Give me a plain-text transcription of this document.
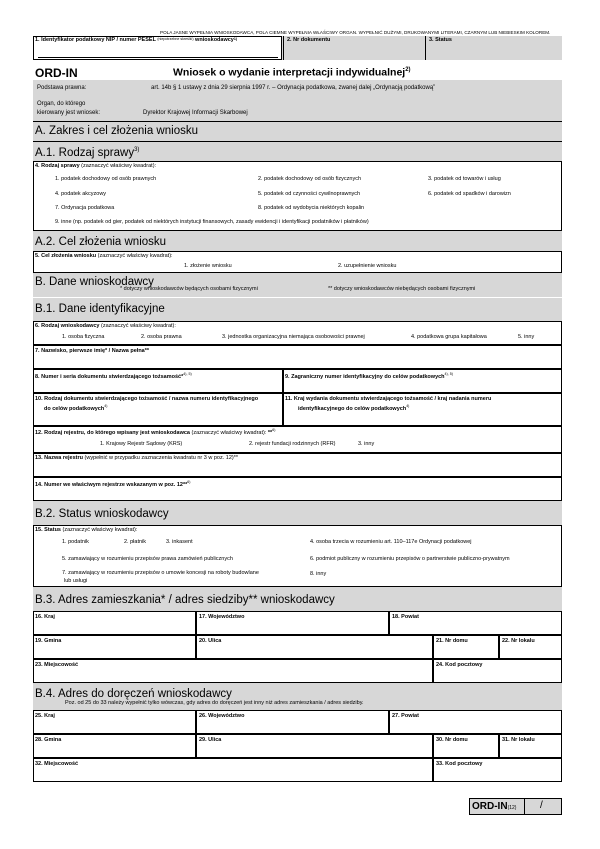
POLA JASNE WYPEŁNIA WNIOSKODAWCA, POLA CIEMNE WYPEŁNIA WŁAŚCIWY ORGAN. WYPEŁNIĆ DUŻYMI, DRUKOWANYMI LITERAMI, CZARNYM LUB NIEBIESKIM KOLOREM.
1. Identyfikator podatkowy NIP / numer PESEL $^{(niepotrzebne skreślić)}$ wnioskodawcy$^{1)}$	2. Nr dokumentu	3. Status
ORD-IN	Wniosek o wydanie interpretacji indywidualnej$^{2)}$
Podstawa prawna:	art. 14b § 1 ustawy z dnia 29 sierpnia 1997 r. – Ordynacja podatkowa, zwanej dalej „Ordynacją podatkową”
Organ, do którego
kierowany jest wniosek:	Dyrektor Krajowej Informacji Skarbowej
A. Zakres i cel złożenia wniosku
A.1. Rodzaj sprawy$^{3)}$
4. Rodzaj sprawy (zaznaczyć właściwy kwadrat):
1. podatek dochodowy od osób prawnych	2. podatek dochodowy od osób fizycznych	3. podatek od towarów i usług
4. podatek akcyzowy	5. podatek od czynności cywilnoprawnych	6. podatek od spadków i darowizn
7. Ordynacja podatkowa	8. podatek od wydobycia niektórych kopalin
9. inne (np. podatek od gier, podatek od niektórych instytucji finansowych, zasady ewidencji i identyfikacji podatników i płatników)
A.2. Cel złożenia wniosku
5. Cel złożenia wniosku (zaznaczyć właściwy kwadrat):
1. złożenie wniosku	2. uzupełnienie wniosku
B. Dane wnioskodawcy
* dotyczy wnioskodawców będących osobami fizycznymi	** dotyczy wnioskodawców niebędących osobami fizycznymi
B.1. Dane identyfikacyjne
6. Rodzaj wnioskodawcy (zaznaczyć właściwy kwadrat):
1. osoba fizyczna	2. osoba prawna	3. jednostka organizacyjna niemająca osobowości prawnej	4. podatkowa grupa kapitałowa	5. inny
7. Nazwisko, pierwsze imię* / Nazwa pełna**
8. Numer i seria dokumentu stwierdzającego tożsamość*$^{4), 5)}$	9. Zagraniczny numer identyfikacyjny do celów podatkowych$^{4), 5)}$
10. Rodzaj dokumentu stwierdzającego tożsamość / nazwa numeru identyfikacyjnego
do celów podatkowych$^{4)}$
11. Kraj wydania dokumentu stwierdzającego tożsamość / kraj nadania numeru
identyfikacyjnego do celów podatkowych$^{4)}$
12. Rodzaj rejestru, do którego wpisany jest wnioskodawca (zaznaczyć właściwy kwadrat): **$^{6)}$
1. Krajowy Rejestr Sądowy (KRS)	2. rejestr fundacji rodzinnych (RFR)	3. inny
13. Nazwa rejestru (wypełnić w przypadku zaznaczenia kwadratu nr 3 w poz. 12)**
14. Numer we właściwym rejestrze wskazanym w poz. 12**$^{6)}$
B.2. Status wnioskodawcy
15. Status (zaznaczyć właściwy kwadrat):
1. podatnik	2. płatnik	3. inkasent	4. osoba trzecia w rozumieniu art. 110–117e Ordynacji podatkowej
5. zamawiający w rozumieniu przepisów prawa zamówień publicznych	6. podmiot publiczny w rozumieniu przepisów o partnerstwie publiczno-prywatnym
7. zamawiający w rozumieniu przepisów o umowie koncesji na roboty budowlane
lub usługi
8. inny
B.3. Adres zamieszkania* / adres siedziby** wnioskodawcy
16. Kraj	17. Województwo	18. Powiat
19. Gmina	20. Ulica	21. Nr domu	22. Nr lokalu
23. Miejscowość	24. Kod pocztowy
B.4. Adres do doręczeń wnioskodawcy
Poz. od 25 do 33 należy wypełnić tylko wówczas, gdy adres do doręczeń jest inny niż adres zamieszkania / adres siedziby.
25. Kraj	26. Województwo	27. Powiat
28. Gmina	29. Ulica	30. Nr domu	31. Nr lokalu
32. Miejscowość	33. Kod pocztowy
ORD-IN(12) /
